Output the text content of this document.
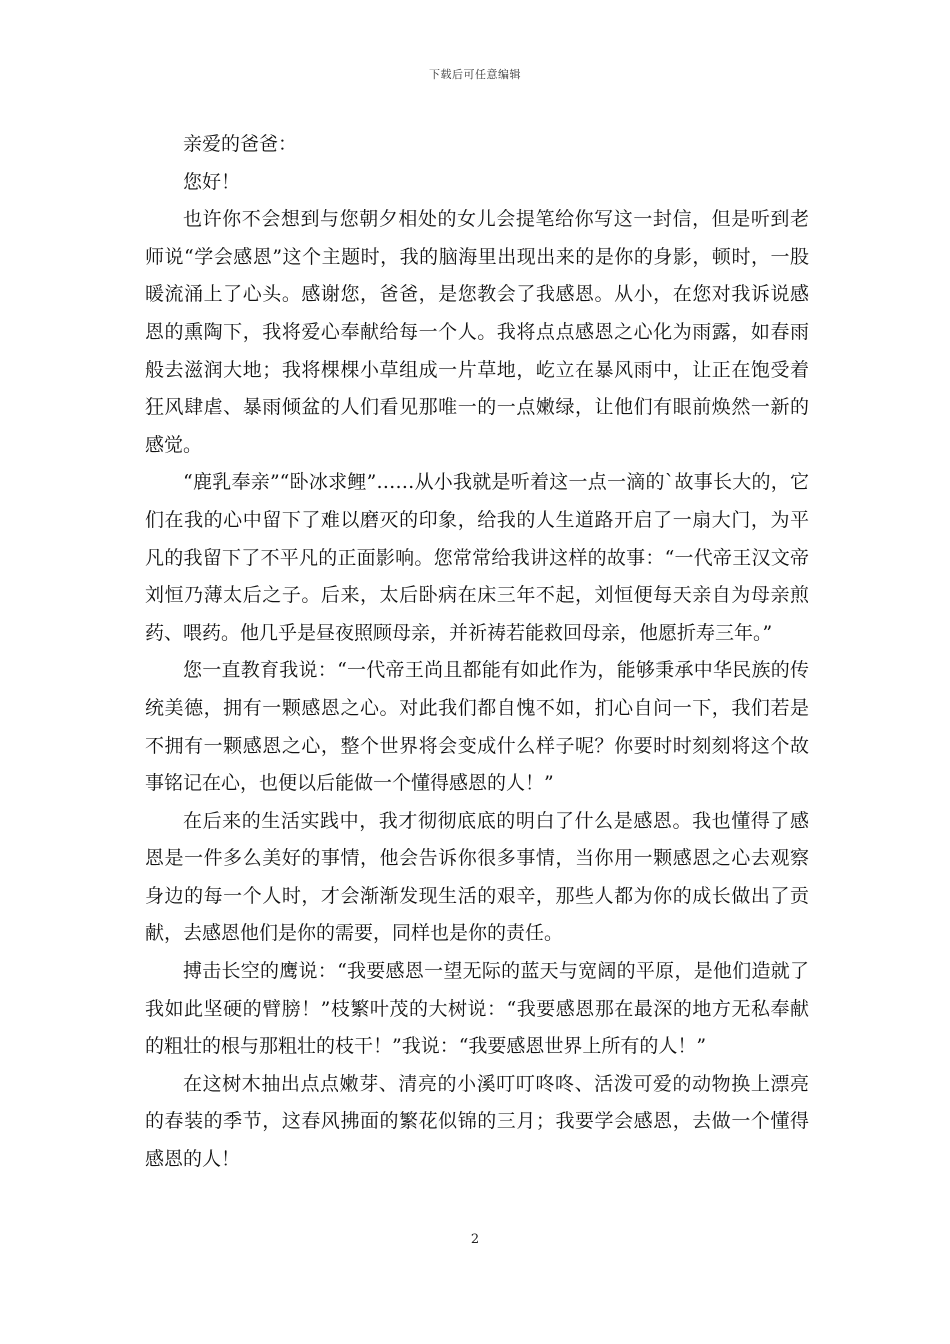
下载后可任意编辑

亲爱的爸爸：

您好！

也许你不会想到与您朝夕相处的女儿会提笔给你写这一封信，但是听到老师说“学会感恩”这个主题时，我的脑海里出现出来的是你的身影，顿时，一股暖流涌上了心头。感谢您，爸爸，是您教会了我感恩。从小，在您对我诉说感恩的熏陶下，我将爱心奉献给每一个人。我将点点感恩之心化为雨露，如春雨般去滋润大地；我将棵棵小草组成一片草地，屹立在暴风雨中，让正在饱受着狂风肆虐、暴雨倾盆的人们看见那唯一的一点嫩绿，让他们有眼前焕然一新的感觉。

“鹿乳奉亲”“卧冰求鲤”……从小我就是听着这一点一滴的`故事长大的，它们在我的心中留下了难以磨灭的印象，给我的人生道路开启了一扇大门，为平凡的我留下了不平凡的正面影响。您常常给我讲这样的故事：“一代帝王汉文帝刘恒乃薄太后之子。后来，太后卧病在床三年不起，刘恒便每天亲自为母亲煎药、喂药。他几乎是昼夜照顾母亲，并祈祷若能救回母亲，他愿折寿三年。”

您一直教育我说：“一代帝王尚且都能有如此作为，能够秉承中华民族的传统美德，拥有一颗感恩之心。对此我们都自愧不如，扪心自问一下，我们若是不拥有一颗感恩之心，整个世界将会变成什么样子呢？你要时时刻刻将这个故事铭记在心，也便以后能做一个懂得感恩的人！”

在后来的生活实践中，我才彻彻底底的明白了什么是感恩。我也懂得了感恩是一件多么美好的事情，他会告诉你很多事情，当你用一颗感恩之心去观察身边的每一个人时，才会渐渐发现生活的艰辛，那些人都为你的成长做出了贡献，去感恩他们是你的需要，同样也是你的责任。

搏击长空的鹰说：“我要感恩一望无际的蓝天与宽阔的平原，是他们造就了我如此坚硬的臂膀！”枝繁叶茂的大树说：“我要感恩那在最深的地方无私奉献的粗壮的根与那粗壮的枝干！”我说：“我要感恩世界上所有的人！”

在这树木抽出点点嫩芽、清亮的小溪叮叮咚咚、活泼可爱的动物换上漂亮的春装的季节，这春风拂面的繁花似锦的三月；我要学会感恩，去做一个懂得感恩的人！

2
